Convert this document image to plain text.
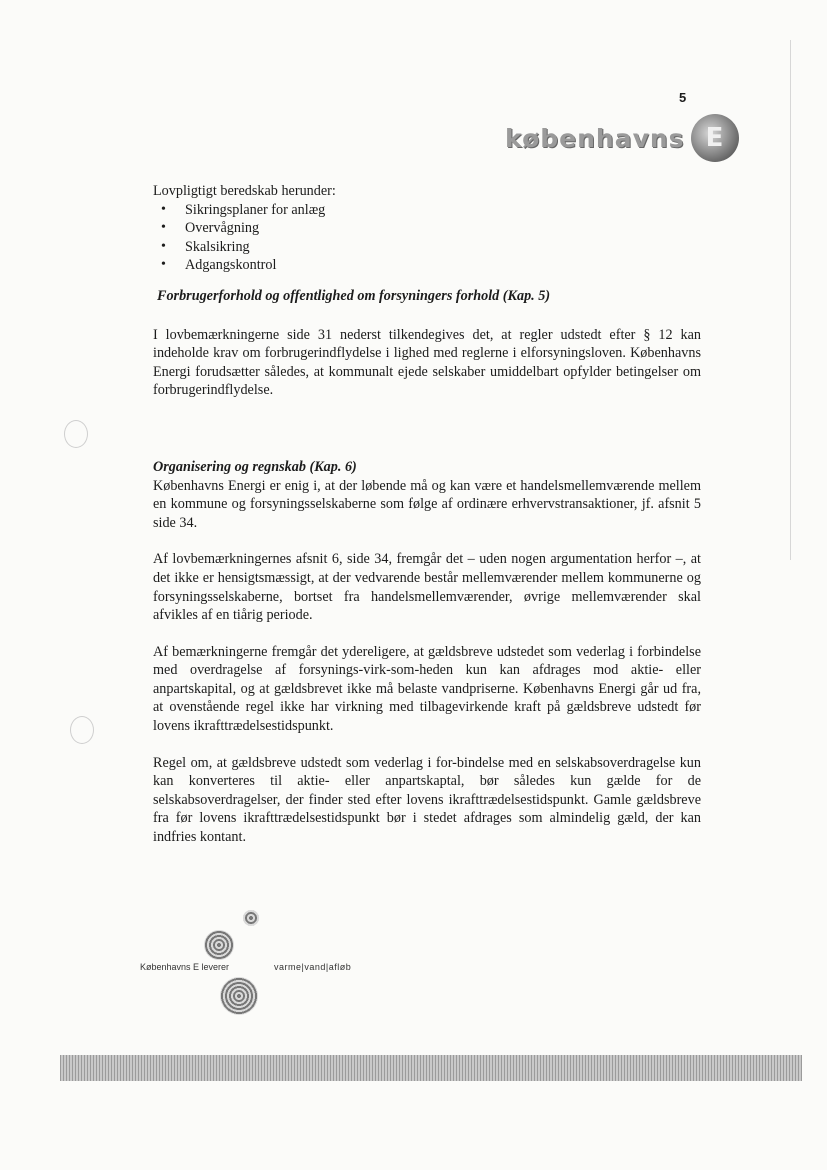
5
københavns E

Lovpligtigt beredskab herunder:

• Sikringsplaner for anlæg
• Overvågning
• Skalsikring
• Adgangskontrol

Forbrugerforhold og offentlighed om forsyningers forhold (Kap. 5)

I lovbemærkningerne side 31 nederst tilkendegives det, at regler udstedt efter § 12 kan indeholde krav om forbrugerindflydelse i lighed med reglerne i elforsyningsloven. Københavns Energi forudsætter således, at kommunalt ejede selskaber umiddelbart opfylder betingelser om forbrugerindflydelse.

Organisering og regnskab (Kap. 6)

Københavns Energi er enig i, at der løbende må og kan være et handelsmellemværende mellem en kommune og forsyningsselskaberne som følge af ordinære erhvervstransaktioner, jf. afsnit 5 side 34.

Af lovbemærkningernes afsnit 6, side 34, fremgår det – uden nogen argumentation herfor –, at det ikke er hensigtsmæssigt, at der vedvarende består mellemværender mellem kommunerne og forsyningsselskaberne, bortset fra handelsmellemværender, øvrige mellemværender skal afvikles af en tiårig periode.

Af bemærkningerne fremgår det ydereligere, at gældsbreve udstedet som vederlag i forbindelse med overdragelse af forsynings-virk-som-heden kun kan afdrages mod aktie- eller anpartskapital, og at gældsbrevet ikke må belaste vandpriserne. Københavns Energi går ud fra, at ovenstående regel ikke har virkning med tilbagevirkende kraft på gældsbreve udstedt før lovens ikrafttrædelsestidspunkt.

Regel om, at gældsbreve udstedt som vederlag i for-bindelse med en selskabsoverdragelse kun kan konverteres til aktie- eller anpartskaptal, bør således kun gælde for de selskabsoverdragelser, der finder sted efter lovens ikrafttrædelsestidspunkt. Gamle gældsbreve fra før lovens ikrafttrædelsestidspunkt bør i stedet afdrages som almindelig gæld, der kan indfries kontant.

Københavns E leverer	varme|vand|afløb
